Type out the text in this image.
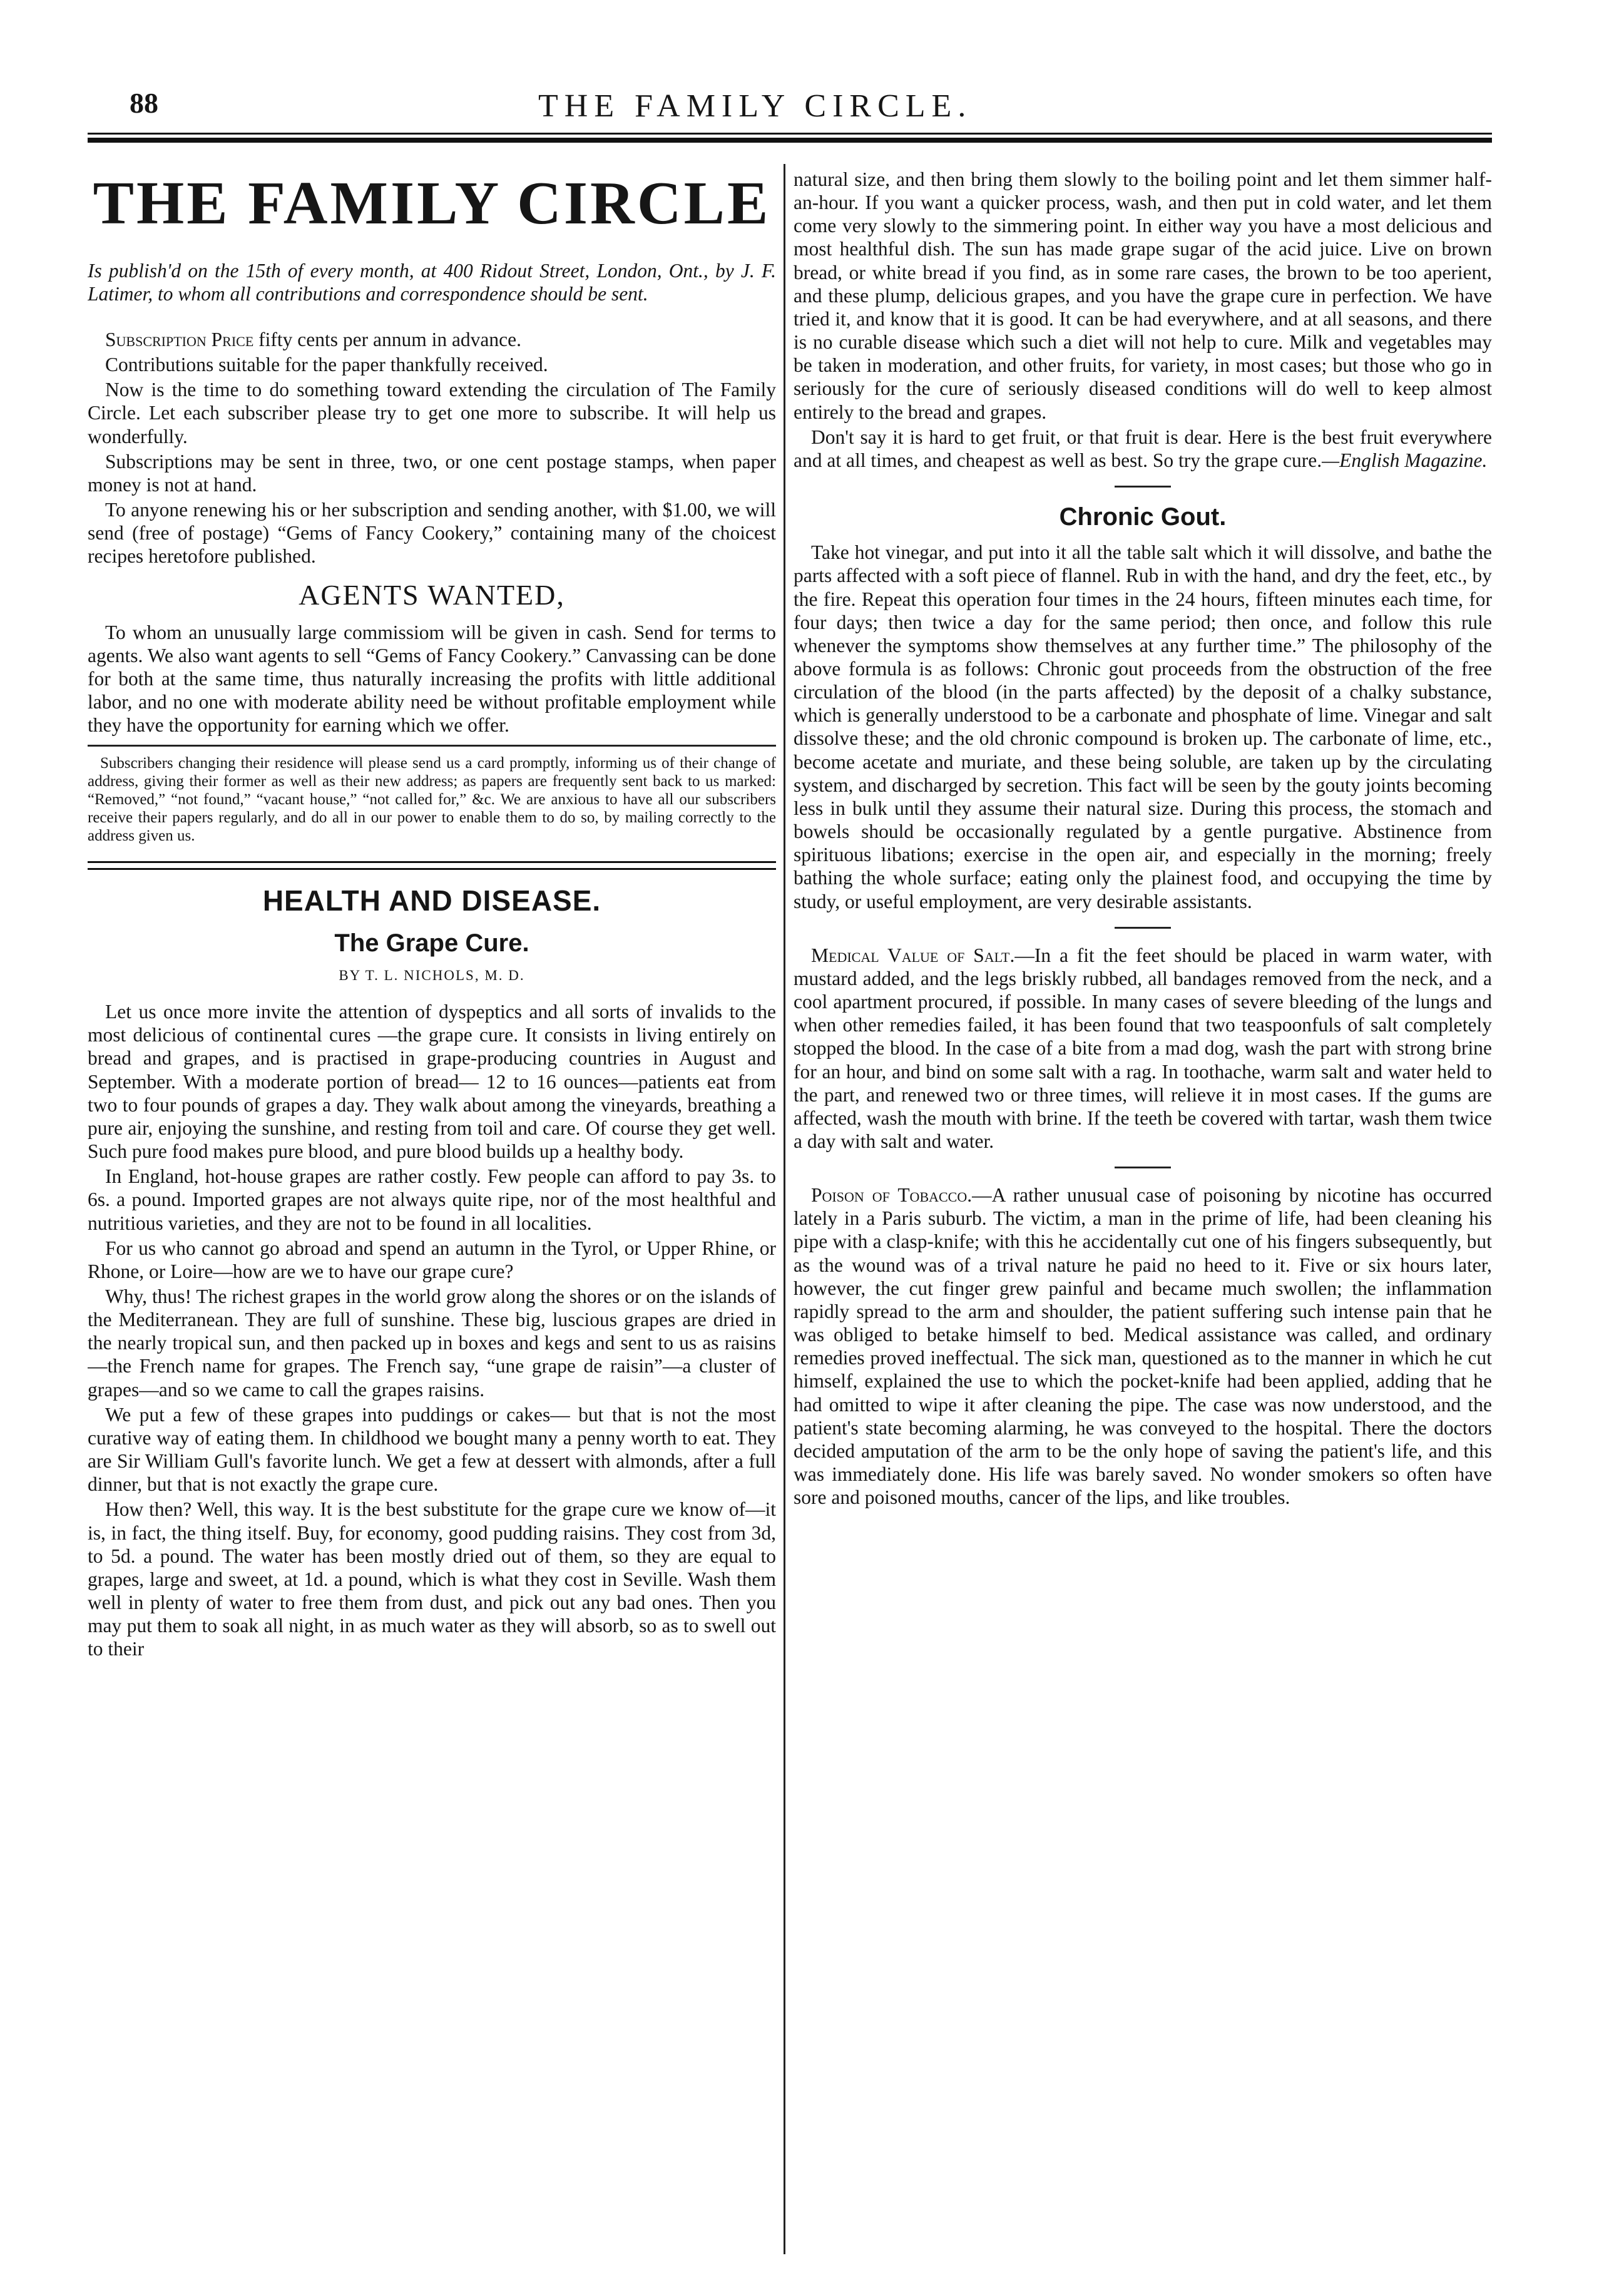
88	THE FAMILY CIRCLE.
THE FAMILY CIRCLE

Is publish'd on the 15th of every month, at 400 Ridout Street, London, Ont., by J. F. Latimer, to whom all contributions and correspondence should be sent.

Subscription Price fifty cents per annum in advance.

Contributions suitable for the paper thankfully received.

Now is the time to do something toward extending the circulation of The Family Circle. Let each subscriber please try to get one more to subscribe. It will help us wonderfully.

Subscriptions may be sent in three, two, or one cent postage stamps, when paper money is not at hand.

To anyone renewing his or her subscription and sending another, with $1.00, we will send (free of postage) “Gems of Fancy Cookery,” containing many of the choicest recipes heretofore published.

AGENTS WANTED,

To whom an unusually large commissiom will be given in cash. Send for terms to agents. We also want agents to sell “Gems of Fancy Cookery.” Canvassing can be done for both at the same time, thus naturally increasing the profits with little additional labor, and no one with moderate ability need be without profitable employment while they have the opportunity for earning which we offer.

Subscribers changing their residence will please send us a card promptly, informing us of their change of address, giving their former as well as their new address; as papers are frequently sent back to us marked: “Removed,” “not found,” “vacant house,” “not called for,” &c. We are anxious to have all our subscribers receive their papers regularly, and do all in our power to enable them to do so, by mailing correctly to the address given us.

HEALTH AND DISEASE.
The Grape Cure.
BY T. L. NICHOLS, M. D.

Let us once more invite the attention of dyspeptics and all sorts of invalids to the most delicious of continental cures —the grape cure. It consists in living entirely on bread and grapes, and is practised in grape-producing countries in August and September. With a moderate portion of bread— 12 to 16 ounces—patients eat from two to four pounds of grapes a day. They walk about among the vineyards, breathing a pure air, enjoying the sunshine, and resting from toil and care. Of course they get well. Such pure food makes pure blood, and pure blood builds up a healthy body.

In England, hot-house grapes are rather costly. Few people can afford to pay 3s. to 6s. a pound. Imported grapes are not always quite ripe, nor of the most healthful and nutritious varieties, and they are not to be found in all localities.

For us who cannot go abroad and spend an autumn in the Tyrol, or Upper Rhine, or Rhone, or Loire—how are we to have our grape cure?

Why, thus! The richest grapes in the world grow along the shores or on the islands of the Mediterranean. They are full of sunshine. These big, luscious grapes are dried in the nearly tropical sun, and then packed up in boxes and kegs and sent to us as raisins—the French name for grapes. The French say, “une grape de raisin”—a cluster of grapes—and so we came to call the grapes raisins.

We put a few of these grapes into puddings or cakes— but that is not the most curative way of eating them. In childhood we bought many a penny worth to eat. They are Sir William Gull's favorite lunch. We get a few at dessert with almonds, after a full dinner, but that is not exactly the grape cure.

How then? Well, this way. It is the best substitute for the grape cure we know of—it is, in fact, the thing itself. Buy, for economy, good pudding raisins. They cost from 3d, to 5d. a pound. The water has been mostly dried out of them, so they are equal to grapes, large and sweet, at 1d. a pound, which is what they cost in Seville. Wash them well in plenty of water to free them from dust, and pick out any bad ones. Then you may put them to soak all night, in as much water as they will absorb, so as to swell out to their

natural size, and then bring them slowly to the boiling point and let them simmer half-an-hour. If you want a quicker process, wash, and then put in cold water, and let them come very slowly to the simmering point. In either way you have a most delicious and most healthful dish. The sun has made grape sugar of the acid juice. Live on brown bread, or white bread if you find, as in some rare cases, the brown to be too aperient, and these plump, delicious grapes, and you have the grape cure in perfection. We have tried it, and know that it is good. It can be had everywhere, and at all seasons, and there is no curable disease which such a diet will not help to cure. Milk and vegetables may be taken in moderation, and other fruits, for variety, in most cases; but those who go in seriously for the cure of seriously diseased conditions will do well to keep almost entirely to the bread and grapes.

Don't say it is hard to get fruit, or that fruit is dear. Here is the best fruit everywhere and at all times, and cheapest as well as best. So try the grape cure.—English Magazine.

Chronic Gout.

Take hot vinegar, and put into it all the table salt which it will dissolve, and bathe the parts affected with a soft piece of flannel. Rub in with the hand, and dry the feet, etc., by the fire. Repeat this operation four times in the 24 hours, fifteen minutes each time, for four days; then twice a day for the same period; then once, and follow this rule whenever the symptoms show themselves at any further time.” The philosophy of the above formula is as follows: Chronic gout proceeds from the obstruction of the free circulation of the blood (in the parts affected) by the deposit of a chalky substance, which is generally understood to be a carbonate and phosphate of lime. Vinegar and salt dissolve these; and the old chronic compound is broken up. The carbonate of lime, etc., become acetate and muriate, and these being soluble, are taken up by the circulating system, and discharged by secretion. This fact will be seen by the gouty joints becoming less in bulk until they assume their natural size. During this process, the stomach and bowels should be occasionally regulated by a gentle purgative. Abstinence from spirituous libations; exercise in the open air, and especially in the morning; freely bathing the whole surface; eating only the plainest food, and occupying the time by study, or useful employment, are very desirable assistants.

Medical Value of Salt.—In a fit the feet should be placed in warm water, with mustard added, and the legs briskly rubbed, all bandages removed from the neck, and a cool apartment procured, if possible. In many cases of severe bleeding of the lungs and when other remedies failed, it has been found that two teaspoonfuls of salt completely stopped the blood. In the case of a bite from a mad dog, wash the part with strong brine for an hour, and bind on some salt with a rag. In toothache, warm salt and water held to the part, and renewed two or three times, will relieve it in most cases. If the gums are affected, wash the mouth with brine. If the teeth be covered with tartar, wash them twice a day with salt and water.

Poison of Tobacco.—A rather unusual case of poisoning by nicotine has occurred lately in a Paris suburb. The victim, a man in the prime of life, had been cleaning his pipe with a clasp-knife; with this he accidentally cut one of his fingers subsequently, but as the wound was of a trival nature he paid no heed to it. Five or six hours later, however, the cut finger grew painful and became much swollen; the inflammation rapidly spread to the arm and shoulder, the patient suffering such intense pain that he was obliged to betake himself to bed. Medical assistance was called, and ordinary remedies proved ineffectual. The sick man, questioned as to the manner in which he cut himself, explained the use to which the pocket-knife had been applied, adding that he had omitted to wipe it after cleaning the pipe. The case was now understood, and the patient's state becoming alarming, he was conveyed to the hospital. There the doctors decided amputation of the arm to be the only hope of saving the patient's life, and this was immediately done. His life was barely saved. No wonder smokers so often have sore and poisoned mouths, cancer of the lips, and like troubles.
